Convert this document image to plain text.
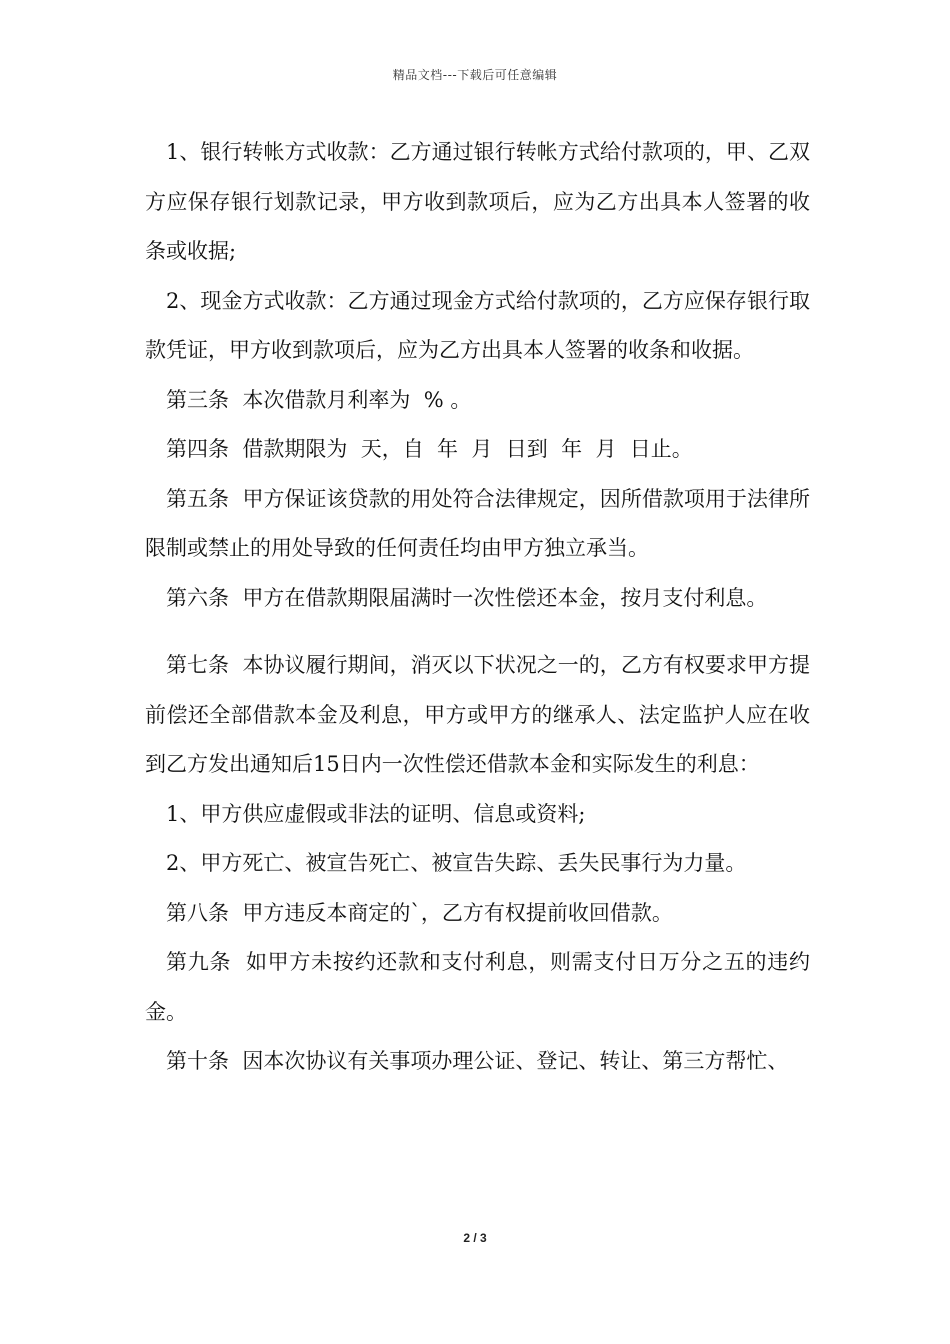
精品文档---下载后可任意编辑

1、银行转帐方式收款：乙方通过银行转帐方式给付款项的，甲、乙双方应保存银行划款记录，甲方收到款项后，应为乙方出具本人签署的收条或收据;

2、现金方式收款：乙方通过现金方式给付款项的，乙方应保存银行取款凭证，甲方收到款项后，应为乙方出具本人签署的收条和收据。

第三条  本次借款月利率为  % 。

第四条  借款期限为  天，自  年  月  日到  年  月  日止。

第五条  甲方保证该贷款的用处符合法律规定，因所借款项用于法律所限制或禁止的用处导致的任何责任均由甲方独立承当。

第六条  甲方在借款期限届满时一次性偿还本金，按月支付利息。

第七条  本协议履行期间，消灭以下状况之一的，乙方有权要求甲方提前偿还全部借款本金及利息，甲方或甲方的继承人、法定监护人应在收到乙方发出通知后15日内一次性偿还借款本金和实际发生的利息：

1、甲方供应虚假或非法的证明、信息或资料;

2、甲方死亡、被宣告死亡、被宣告失踪、丢失民事行为力量。

第八条  甲方违反本商定的`，乙方有权提前收回借款。

第九条  如甲方未按约还款和支付利息，则需支付日万分之五的违约金。

第十条  因本次协议有关事项办理公证、登记、转让、第三方帮忙、

2 / 3
